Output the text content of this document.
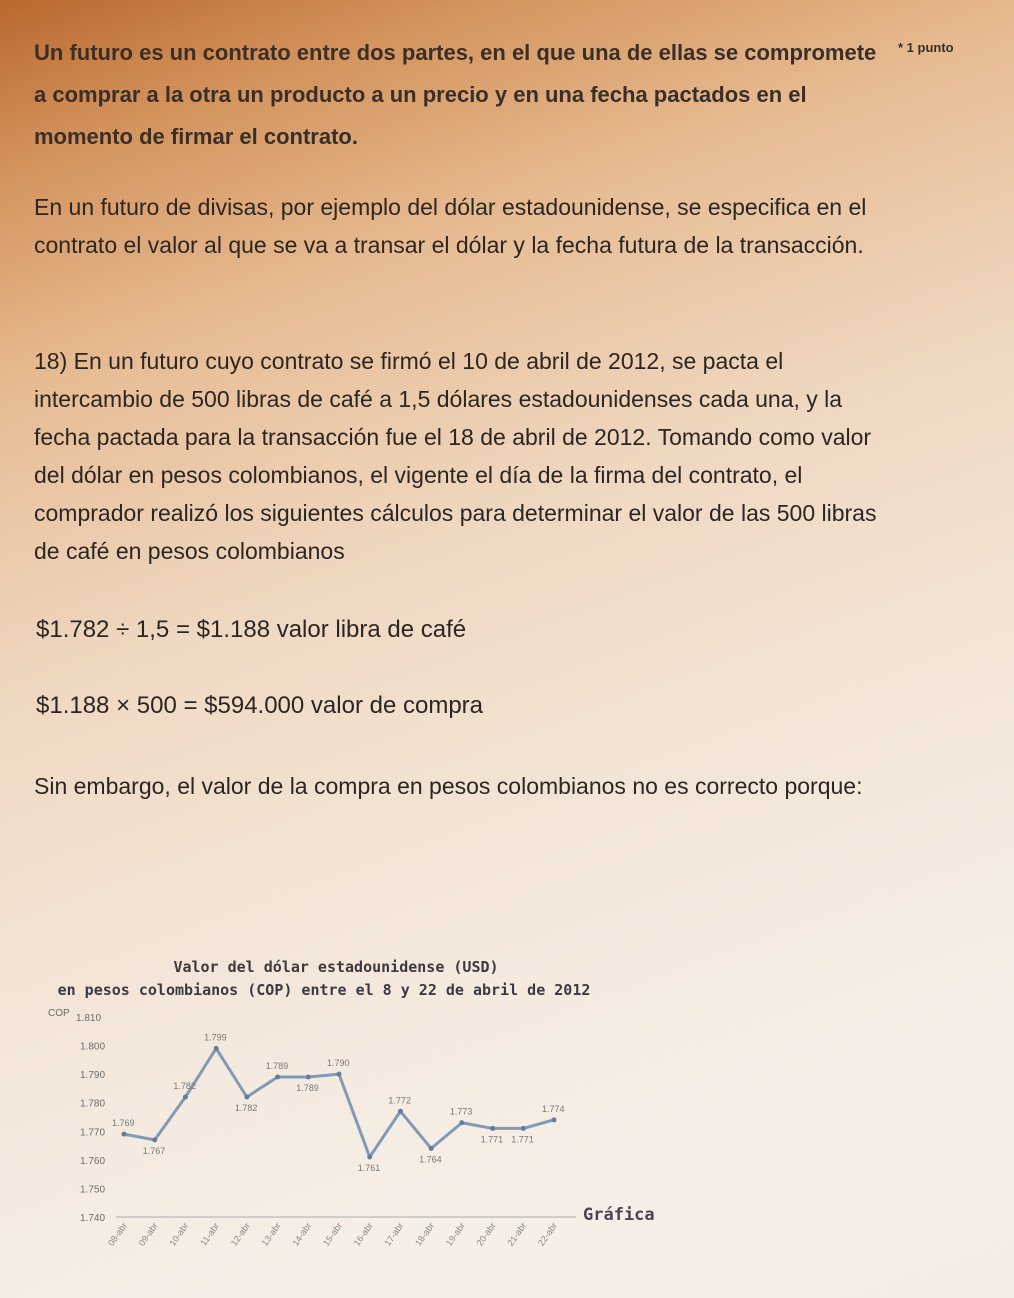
Un futuro es un contrato entre dos partes, en el que una de ellas se compromete a comprar a la otra un producto a un precio y en una fecha pactados en el momento de firmar el contrato.

* 1 punto

En un futuro de divisas, por ejemplo del dólar estadounidense, se especifica en el contrato el valor al que se va a transar el dólar y la fecha futura de la transacción.

18) En un futuro cuyo contrato se firmó el 10 de abril de 2012, se pacta el intercambio de 500 libras de café a 1,5 dólares estadounidenses cada una, y la fecha pactada para la transacción fue el 18 de abril de 2012. Tomando como valor del dólar en pesos colombianos, el vigente el día de la firma del contrato, el comprador realizó los siguientes cálculos para determinar el valor de las 500 libras de café en pesos colombianos

$1.782 ÷ 1,5 = $1.188 valor libra de café
$1.188 × 500 = $594.000 valor de compra

Sin embargo, el valor de la compra en pesos colombianos no es correcto porque:

Valor del dólar estadounidense (USD)
en pesos colombianos (COP) entre el 8 y 22 de abril de 2012
COP 1.810
1.800
1.790
1.780
1.770
1.760
1.750
1.740
1.769
1.767
1.782
1.799
1.782
1.789
1.789
1.790
1.761
1.772
1.764
1.773
1.771 1.771
1.774
08-abr 09-abr 10-abr 11-abr 12-abr 13-abr 14-abr 15-abr 16-abr 17-abr 18-abr 19-abr 20-abr 21-abr 22-abr
Gráfica
